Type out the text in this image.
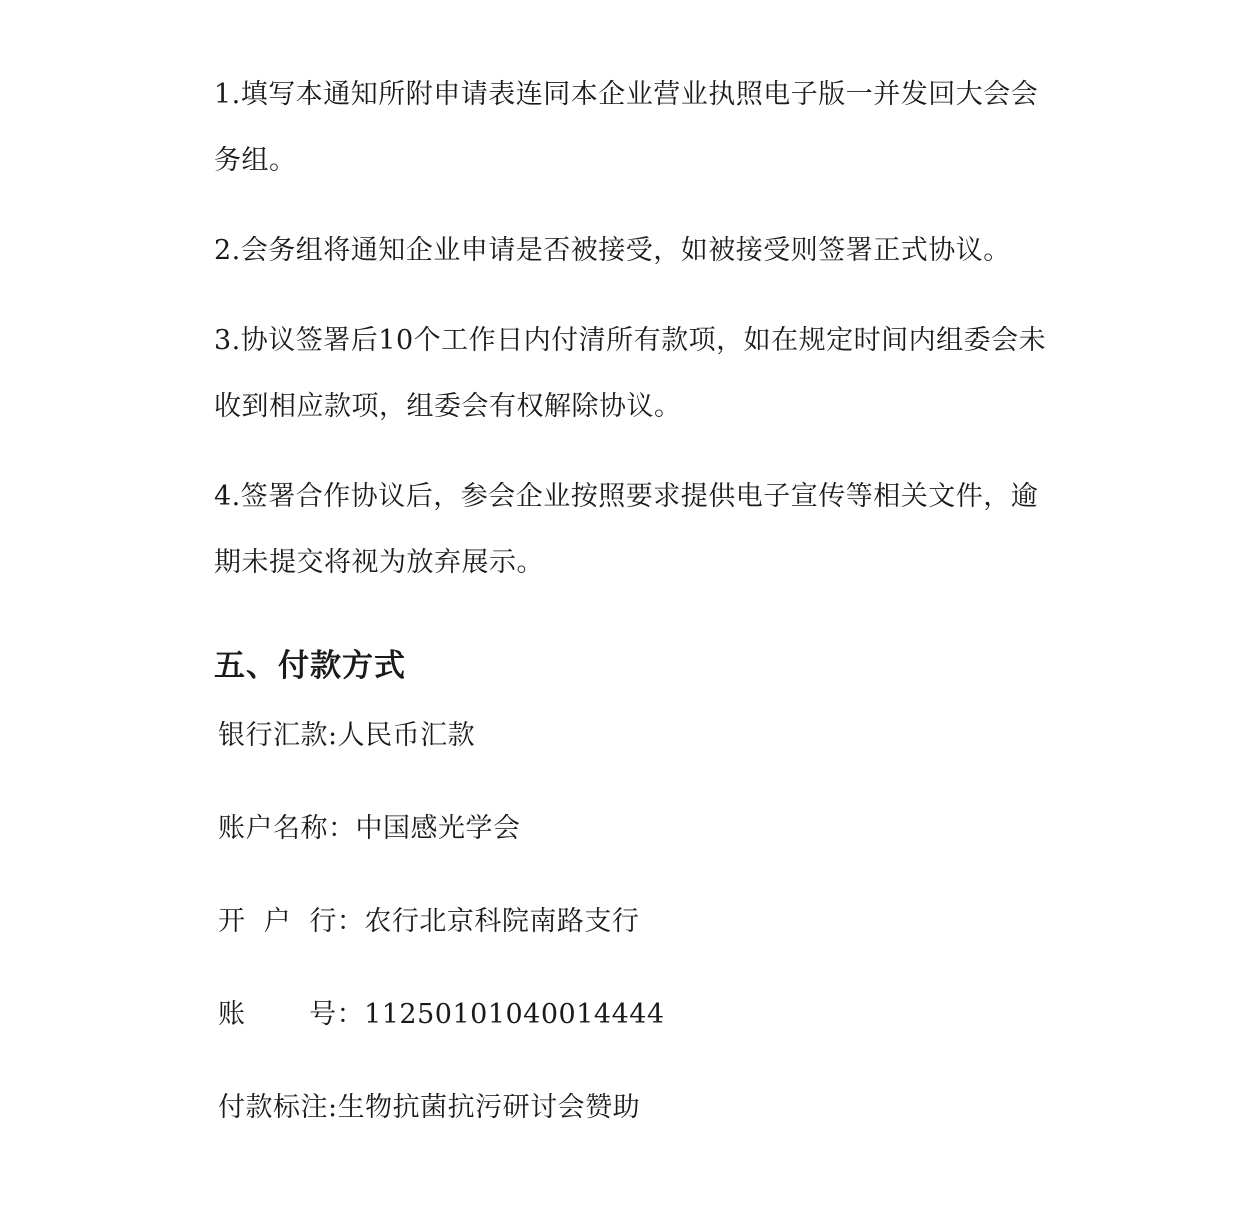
1.填写本通知所附申请表连同本企业营业执照电子版一并发回大会会务组。

2.会务组将通知企业申请是否被接受，如被接受则签署正式协议。

3.协议签署后10个工作日内付清所有款项，如在规定时间内组委会未收到相应款项，组委会有权解除协议。

4.签署合作协议后，参会企业按照要求提供电子宣传等相关文件，逾期未提交将视为放弃展示。

五、付款方式

银行汇款:人民币汇款

账户名称：中国感光学会

开  户  行：农行北京科院南路支行

账       号：11250101040014444

付款标注:生物抗菌抗污研讨会赞助
